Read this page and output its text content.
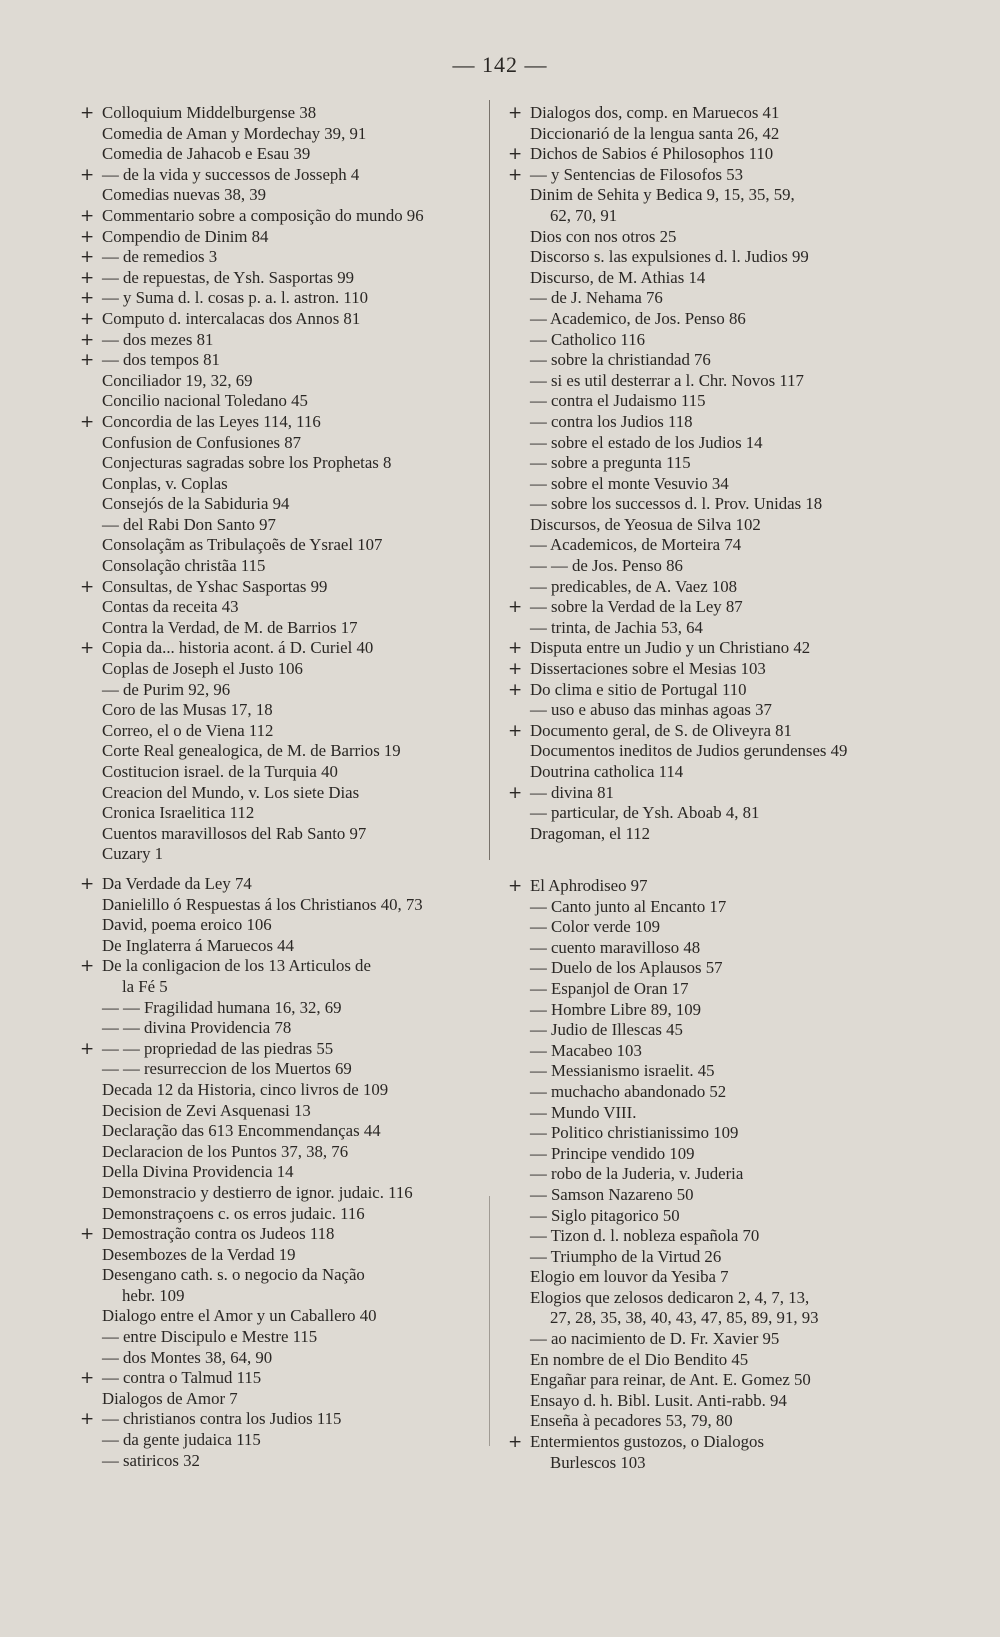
— 142 —
+ Colloquium Middelburgense 38
Comedia de Aman y Mordechay 39, 91
Comedia de Jahacob e Esau 39
+ — de la vida y successos de Josseph 4
Comedias nuevas 38, 39
+ Commentario sobre a composição do mundo 96
+ Compendio de Dinim 84
+ — de remedios 3
+ — de repuestas, de Ysh. Sasportas 99
+ — y Suma d. l. cosas p. a. l. astron. 110
+ Computo d. intercalacas dos Annos 81
+ — dos mezes 81
+ — dos tempos 81
Conciliador 19, 32, 69
Concilio nacional Toledano 45
+ Concordia de las Leyes 114, 116
Confusion de Confusiones 87
Conjecturas sagradas sobre los Prophetas 8
Conplas, v. Coplas
Consejós de la Sabiduria 94
— del Rabi Don Santo 97
Consolaçãm as Tribulaçoẽs de Ysrael 107
Consolação christãa 115
+ Consultas, de Yshac Sasportas 99
Contas da receita 43
Contra la Verdad, de M. de Barrios 17
+ Copia da... historia acont. á D. Curiel 40
Coplas de Joseph el Justo 106
— de Purim 92, 96
Coro de las Musas 17, 18
Correo, el o de Viena 112
Corte Real genealogica, de M. de Barrios 19
Costitucion israel. de la Turquia 40
Creacion del Mundo, v. Los siete Dias
Cronica Israelitica 112
Cuentos maravillosos del Rab Santo 97
Cuzary 1
+ Dialogos dos, comp. en Maruecos 41
Diccionarió de la lengua santa 26, 42
+ Dichos de Sabios é Philosophos 110
+ — y Sentencias de Filosofos 53
Dinim de Sehita y Bedica 9, 15, 35, 59,
62, 70, 91
Dios con nos otros 25
Discorso s. las expulsiones d. l. Judios 99
Discurso, de M. Athias 14
— de J. Nehama 76
— Academico, de Jos. Penso 86
— Catholico 116
— sobre la christiandad 76
— si es util desterrar a l. Chr. Novos 117
— contra el Judaismo 115
— contra los Judios 118
— sobre el estado de los Judios 14
— sobre a pregunta 115
— sobre el monte Vesuvio 34
— sobre los successos d. l. Prov. Unidas 18
Discursos, de Yeosua de Silva 102
— Academicos, de Morteira 74
— — de Jos. Penso 86
— predicables, de A. Vaez 108
+ — sobre la Verdad de la Ley 87
— trinta, de Jachia 53, 64
+ Disputa entre un Judio y un Christiano 42
+ Dissertaciones sobre el Mesias 103
+ Do clima e sitio de Portugal 110
— uso e abuso das minhas agoas 37
+ Documento geral, de S. de Oliveyra 81
Documentos ineditos de Judios gerundenses 49
Doutrina catholica 114
+ — divina 81
— particular, de Ysh. Aboab 4, 81
Dragoman, el 112
+ Da Verdade da Ley 74
Danielillo ó Respuestas á los Christianos 40, 73
David, poema eroico 106
De Inglaterra á Maruecos 44
+ De la conligacion de los 13 Articulos de
la Fé 5
— — Fragilidad humana 16, 32, 69
— — divina Providencia 78
+ — — propriedad de las piedras 55
— — resurreccion de los Muertos 69
Decada 12 da Historia, cinco livros de 109
Decision de Zevi Asquenasi 13
Declaração das 613 Encommendanças 44
Declaracion de los Puntos 37, 38, 76
Della Divina Providencia 14
Demonstracio y destierro de ignor. judaic. 116
Demonstraçoens c. os erros judaic. 116
+ Demostração contra os Judeos 118
Desembozes de la Verdad 19
Desengano cath. s. o negocio da Nação
hebr. 109
Dialogo entre el Amor y un Caballero 40
— entre Discipulo e Mestre 115
— dos Montes 38, 64, 90
+ — contra o Talmud 115
Dialogos de Amor 7
+ — christianos contra los Judios 115
— da gente judaica 115
— satiricos 32
+ El Aphrodiseo 97
— Canto junto al Encanto 17
— Color verde 109
— cuento maravilloso 48
— Duelo de los Aplausos 57
— Espanjol de Oran 17
— Hombre Libre 89, 109
— Judio de Illescas 45
— Macabeo 103
— Messianismo israelit. 45
— muchacho abandonado 52
— Mundo VIII.
— Politico christianissimo 109
— Principe vendido 109
— robo de la Juderia, v. Juderia
— Samson Nazareno 50
— Siglo pitagorico 50
— Tizon d. l. nobleza española 70
— Triumpho de la Virtud 26
Elogio em louvor da Yesiba 7
Elogios que zelosos dedicaron 2, 4, 7, 13,
27, 28, 35, 38, 40, 43, 47, 85, 89, 91, 93
— ao nacimiento de D. Fr. Xavier 95
En nombre de el Dio Bendito 45
Engañar para reinar, de Ant. E. Gomez 50
Ensayo d. h. Bibl. Lusit. Anti-rabb. 94
Enseña à pecadores 53, 79, 80
+ Entermientos gustozos, o Dialogos
Burlescos 103
